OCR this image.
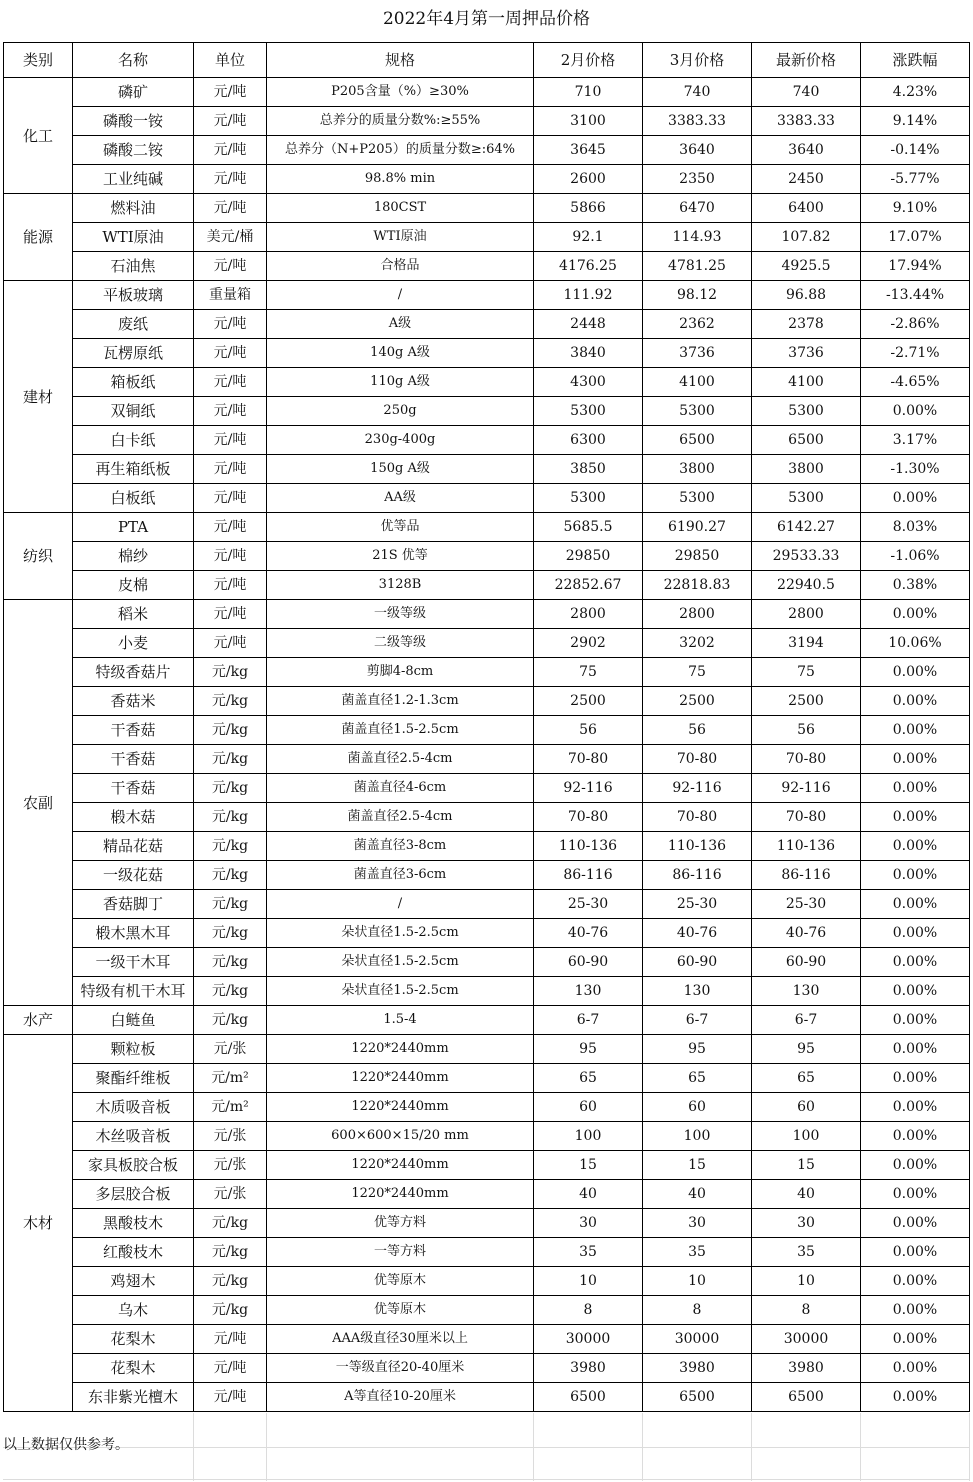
2022年4月第一周押品价格
类别	名称	单位	规格	2月价格	3月价格	最新价格	涨跌幅
化工	磷矿	元/吨	P205含量（%）≥30%	710	740	740	4.23%
	磷酸一铵	元/吨	总养分的质量分数%:≥55%	3100	3383.33	3383.33	9.14%
	磷酸二铵	元/吨	总养分（N+P205）的质量分数≥:64%	3645	3640	3640	-0.14%
	工业纯碱	元/吨	98.8% min	2600	2350	2450	-5.77%
能源	燃料油	元/吨	180CST	5866	6470	6400	9.10%
	WTI原油	美元/桶	WTI原油	92.1	114.93	107.82	17.07%
	石油焦	元/吨	合格品	4176.25	4781.25	4925.5	17.94%
建材	平板玻璃	重量箱	/	111.92	98.12	96.88	-13.44%
	废纸	元/吨	A级	2448	2362	2378	-2.86%
	瓦楞原纸	元/吨	140g A级	3840	3736	3736	-2.71%
	箱板纸	元/吨	110g A级	4300	4100	4100	-4.65%
	双铜纸	元/吨	250g	5300	5300	5300	0.00%
	白卡纸	元/吨	230g-400g	6300	6500	6500	3.17%
	再生箱纸板	元/吨	150g A级	3850	3800	3800	-1.30%
	白板纸	元/吨	AA级	5300	5300	5300	0.00%
纺织	PTA	元/吨	优等品	5685.5	6190.27	6142.27	8.03%
	棉纱	元/吨	21S 优等	29850	29850	29533.33	-1.06%
	皮棉	元/吨	3128B	22852.67	22818.83	22940.5	0.38%
农副	稻米	元/吨	一级等级	2800	2800	2800	0.00%
	小麦	元/吨	二级等级	2902	3202	3194	10.06%
	特级香菇片	元/kg	剪脚4-8cm	75	75	75	0.00%
	香菇米	元/kg	菌盖直径1.2-1.3cm	2500	2500	2500	0.00%
	干香菇	元/kg	菌盖直径1.5-2.5cm	56	56	56	0.00%
	干香菇	元/kg	菌盖直径2.5-4cm	70-80	70-80	70-80	0.00%
	干香菇	元/kg	菌盖直径4-6cm	92-116	92-116	92-116	0.00%
	椴木菇	元/kg	菌盖直径2.5-4cm	70-80	70-80	70-80	0.00%
	精品花菇	元/kg	菌盖直径3-8cm	110-136	110-136	110-136	0.00%
	一级花菇	元/kg	菌盖直径3-6cm	86-116	86-116	86-116	0.00%
	香菇脚丁	元/kg	/	25-30	25-30	25-30	0.00%
	椴木黑木耳	元/kg	朵状直径1.5-2.5cm	40-76	40-76	40-76	0.00%
	一级干木耳	元/kg	朵状直径1.5-2.5cm	60-90	60-90	60-90	0.00%
	特级有机干木耳	元/kg	朵状直径1.5-2.5cm	130	130	130	0.00%
水产	白鲢鱼	元/kg	1.5-4	6-7	6-7	6-7	0.00%
木材	颗粒板	元/张	1220*2440mm	95	95	95	0.00%
	聚酯纤维板	元/m²	1220*2440mm	65	65	65	0.00%
	木质吸音板	元/m²	1220*2440mm	60	60	60	0.00%
	木丝吸音板	元/张	600×600×15/20 mm	100	100	100	0.00%
	家具板胶合板	元/张	1220*2440mm	15	15	15	0.00%
	多层胶合板	元/张	1220*2440mm	40	40	40	0.00%
	黑酸枝木	元/kg	优等方料	30	30	30	0.00%
	红酸枝木	元/kg	一等方料	35	35	35	0.00%
	鸡翅木	元/kg	优等原木	10	10	10	0.00%
	乌木	元/kg	优等原木	8	8	8	0.00%
	花梨木	元/吨	AAA级直径30厘米以上	30000	30000	30000	0.00%
	花梨木	元/吨	一等级直径20-40厘米	3980	3980	3980	0.00%
	东非紫光檀木	元/吨	A等直径10-20厘米	6500	6500	6500	0.00%
以上数据仅供参考。
